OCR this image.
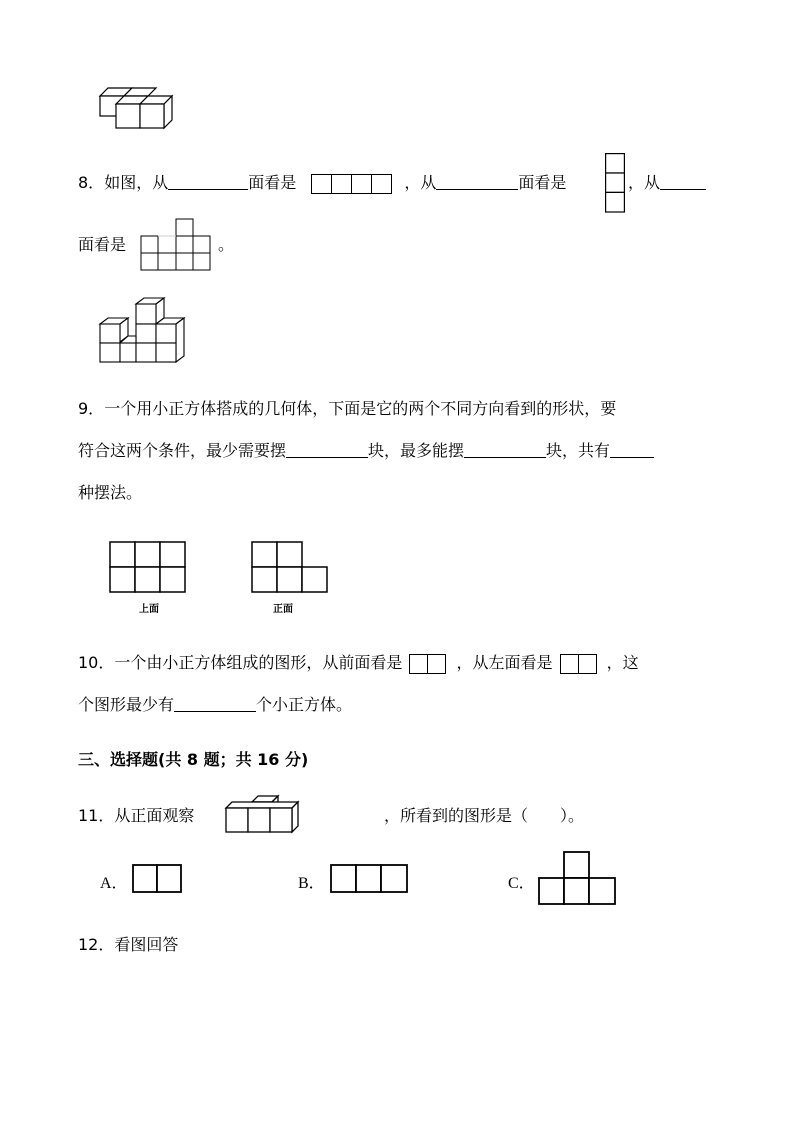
8．如图，从	面看是	，从	面看是	，从
面看是	。
9．一个用小正方体搭成的几何体，下面是它的两个不同方向看到的形状，要
符合这两个条件，最少需要摆	块，最多能摆	块，共有
种摆法。
上面	正面
10．一个由小正方体组成的图形，从前面看是	，从左面看是	，这
个图形最少有	个小正方体。
三、选择题(共 8 题；共 16 分)
11．从正面观察	，所看到的图形是（　　）。
A．	B．	C．
12．看图回答
